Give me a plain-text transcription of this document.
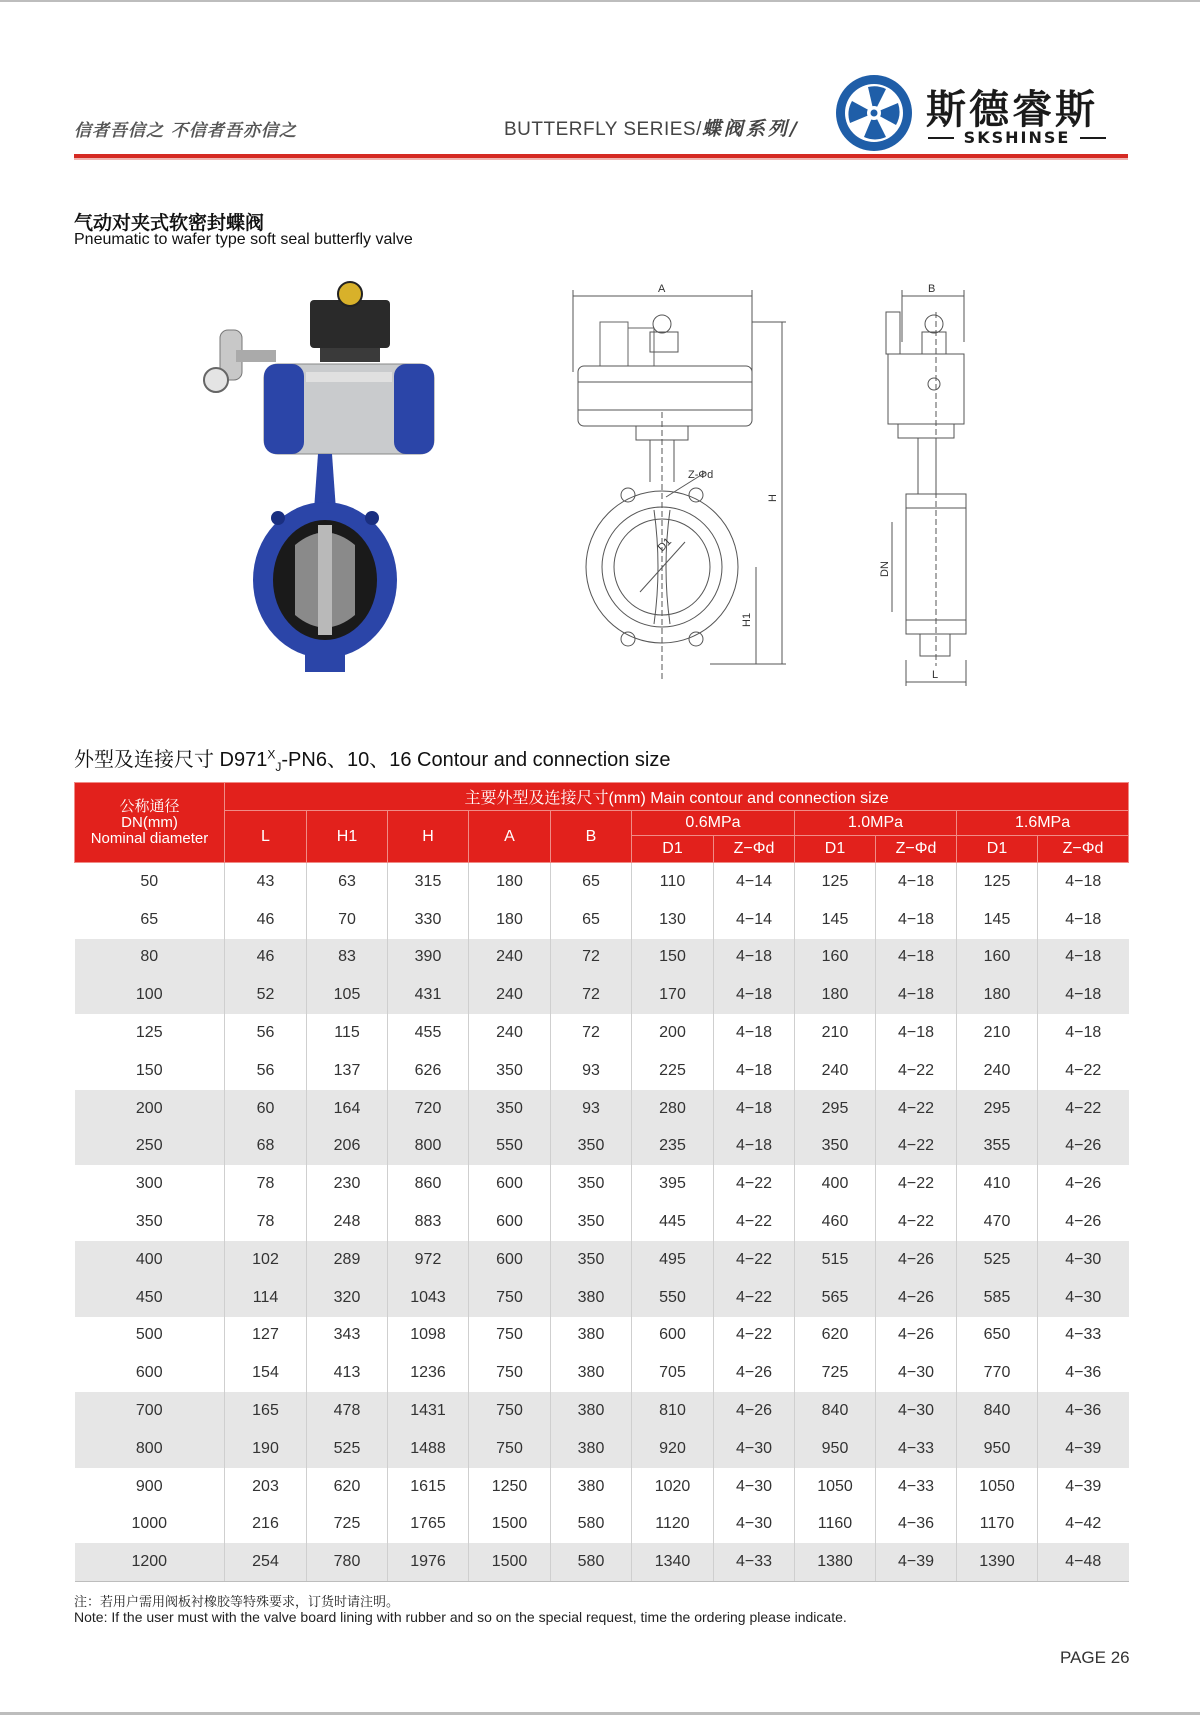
信者吾信之 不信者吾亦信之	BUTTERFLY SERIES/蝶阀系列/	斯德睿斯
SKSHINSE
气动对夹式软密封蝶阀
Pneumatic to wafer type soft seal butterfly valve
A
Z-Φd
D1
H
H1
B
DN
L
外型及连接尺寸 $D971^X_J-PN6$、10、16 Contour and connection size
公称通径
DN(mm)
Nominal diameter	主要外型及连接尺寸(mm) Main contour and connection size										
	L	H1	H	A	B	0.6MPa		1.0MPa		1.6MPa	
						D1	Z−Φd	D1	Z−Φd	D1	Z−Φd
50	43	63	315	180	65	110	4−14	125	4−18	125	4−18
65	46	70	330	180	65	130	4−14	145	4−18	145	4−18
80	46	83	390	240	72	150	4−18	160	4−18	160	4−18
100	52	105	431	240	72	170	4−18	180	4−18	180	4−18
125	56	115	455	240	72	200	4−18	210	4−18	210	4−18
150	56	137	626	350	93	225	4−18	240	4−22	240	4−22
200	60	164	720	350	93	280	4−18	295	4−22	295	4−22
250	68	206	800	550	350	235	4−18	350	4−22	355	4−26
300	78	230	860	600	350	395	4−22	400	4−22	410	4−26
350	78	248	883	600	350	445	4−22	460	4−22	470	4−26
400	102	289	972	600	350	495	4−22	515	4−26	525	4−30
450	114	320	1043	750	380	550	4−22	565	4−26	585	4−30
500	127	343	1098	750	380	600	4−22	620	4−26	650	4−33
600	154	413	1236	750	380	705	4−26	725	4−30	770	4−36
700	165	478	1431	750	380	810	4−26	840	4−30	840	4−36
800	190	525	1488	750	380	920	4−30	950	4−33	950	4−39
900	203	620	1615	1250	380	1020	4−30	1050	4−33	1050	4−39
1000	216	725	1765	1500	580	1120	4−30	1160	4−36	1170	4−42
1200	254	780	1976	1500	580	1340	4−33	1380	4−39	1390	4−48
注：若用户需用阀板衬橡胶等特殊要求，订货时请注明。
Note: If the user must with the valve board lining with rubber and so on the special request, time the ordering please indicate.
PAGE 26
